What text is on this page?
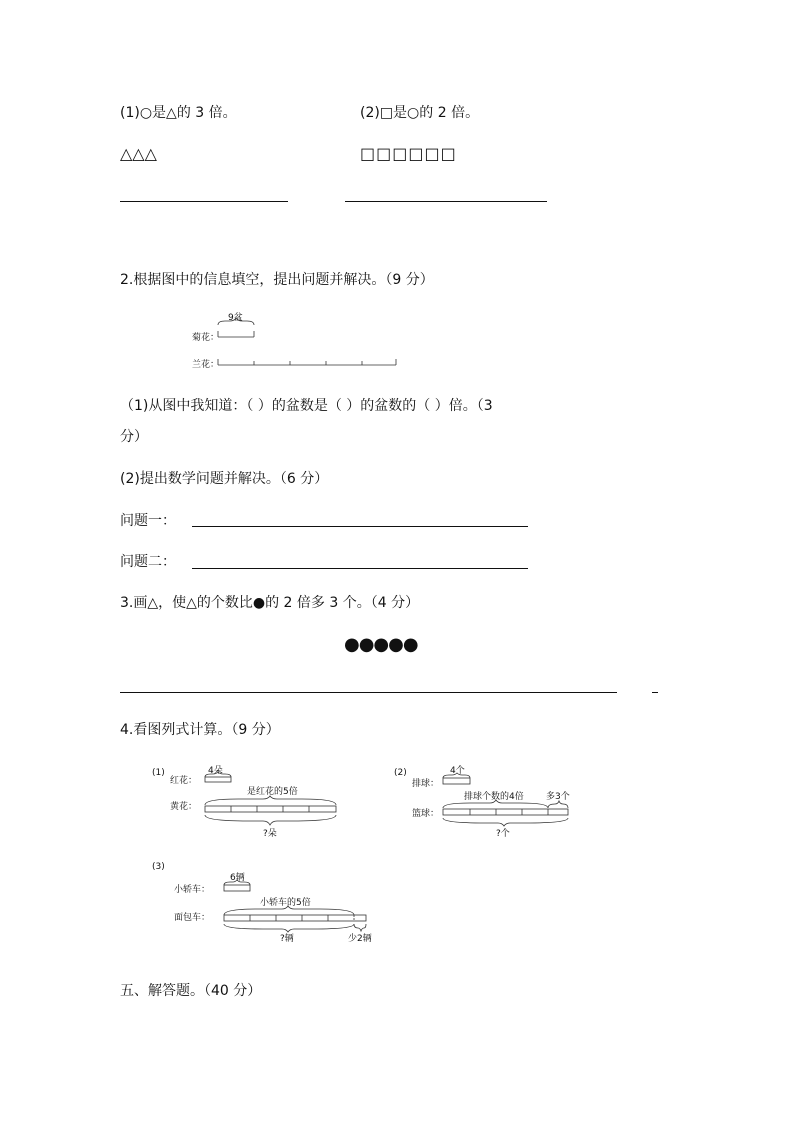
(1)○是△的 3 倍。
△△△
(2)□是○的 2 倍。
□□□□□□
2.根据图中的信息填空，提出问题并解决。（9 分）
9盆
菊花：
兰花：
（1)从图中我知道：（ ）的盆数是（ ）的盆数的（ ）倍。（3
分）
(2)提出数学问题并解决。（6 分）
问题一：
问题二：
3.画△，使△的个数比●的 2 倍多 3 个。（4 分）
●●●●●
4.看图列式计算。（9 分）
(1)	4朵
红花：
是红花的5倍
黄花：
?朵
(2)	4个
排球：
排球个数的4倍 多3个
篮球：
?个
(3)
6辆
小轿车：
小轿车的5倍
面包车：
?辆	少2辆
五、解答题。（40 分）
